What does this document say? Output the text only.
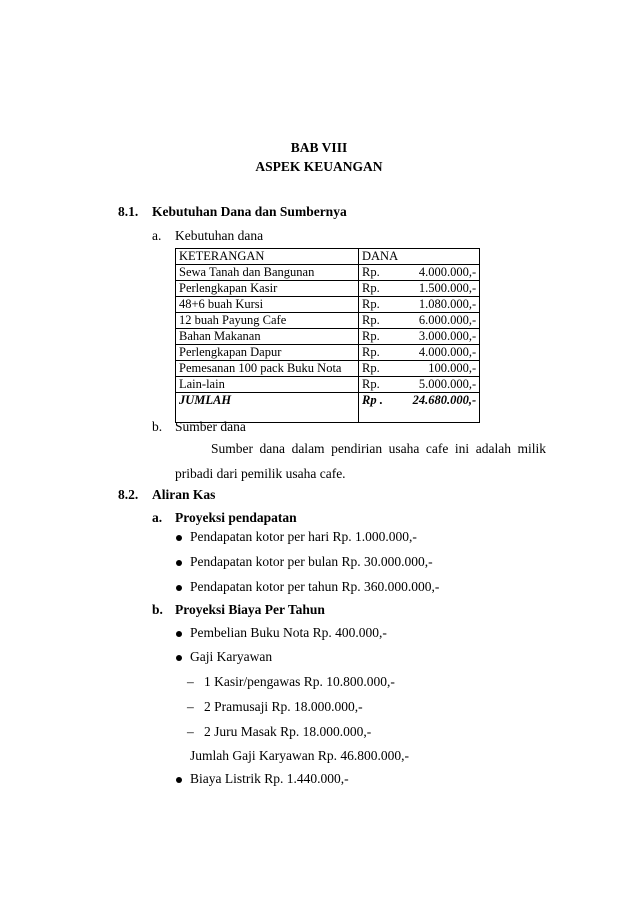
BAB VIII
ASPEK KEUANGAN
8.1. Kebutuhan Dana dan Sumbernya
a. Kebutuhan dana
KETERANGAN	DANA	
Sewa Tanah dan Bangunan	Rp.	4.000.000,-
Perlengkapan Kasir	Rp.	1.500.000,-
48+6 buah Kursi	Rp.	1.080.000,-
12 buah Payung Cafe	Rp.	6.000.000,-
Bahan Makanan	Rp.	3.000.000,-
Perlengkapan Dapur	Rp.	4.000.000,-
Pemesanan 100 pack Buku Nota	Rp.	100.000,-
Lain-lain	Rp.	5.000.000,-
JUMLAH	Rp .	24.680.000,-
b. Sumber dana

Sumber dana dalam pendirian usaha cafe ini adalah milik

pribadi dari pemilik usaha cafe.
8.2. Aliran Kas
a. Proyeksi pendapatan
Pendapatan kotor per hari Rp. 1.000.000,-
Pendapatan kotor per bulan Rp. 30.000.000,-
Pendapatan kotor per tahun Rp. 360.000.000,-
b. Proyeksi Biaya Per Tahun
Pembelian Buku Nota Rp. 400.000,-
Gaji Karyawan
– 1 Kasir/pengawas Rp. 10.800.000,-
– 2 Pramusaji Rp. 18.000.000,-
– 2 Juru Masak Rp. 18.000.000,-
Jumlah Gaji Karyawan Rp. 46.800.000,-
Biaya Listrik Rp. 1.440.000,-
